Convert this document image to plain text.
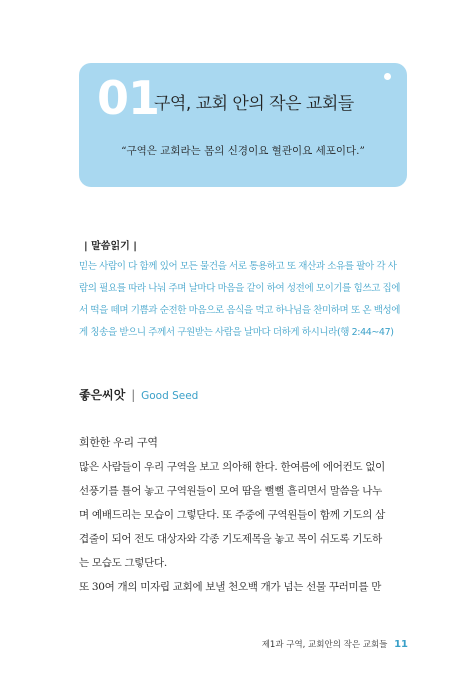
01
구역, 교회 안의 작은 교회들
“구역은 교회라는 몸의 신경이요 혈관이요 세포이다.”
| 말씀읽기 |

믿는 사람이 다 함께 있어 모든 물건을 서로 통용하고 또 재산과 소유를 팔아 각 사

람의 필요를 따라 나눠 주며 날마다 마음을 같이 하여 성전에 모이기를 힘쓰고 집에

서 떡을 떼며 기쁨과 순전한 마음으로 음식을 먹고 하나님을 찬미하며 또 온 백성에

게 칭송을 받으니 주께서 구원받는 사람을 날마다 더하게 하시니라(행 2:44~47)

좋은씨앗 | Good Seed

희한한 우리 구역

많은 사람들이 우리 구역을 보고 의아해 한다. 한여름에 에어컨도 없이

선풍기를 틀어 놓고 구역원들이 모여 땀을 뻘뻘 흘리면서 말씀을 나누

며 예배드리는 모습이 그렇단다. 또 주중에 구역원들이 함께 기도의 삼

겹줄이 되어 전도 대상자와 각종 기도제목을 놓고 목이 쉬도록 기도하

는 모습도 그렇단다.

또 30여 개의 미자립 교회에 보낼 천오백 개가 넘는 선물 꾸러미를 만

제1과 구역, 교회안의 작은 교회들 11
